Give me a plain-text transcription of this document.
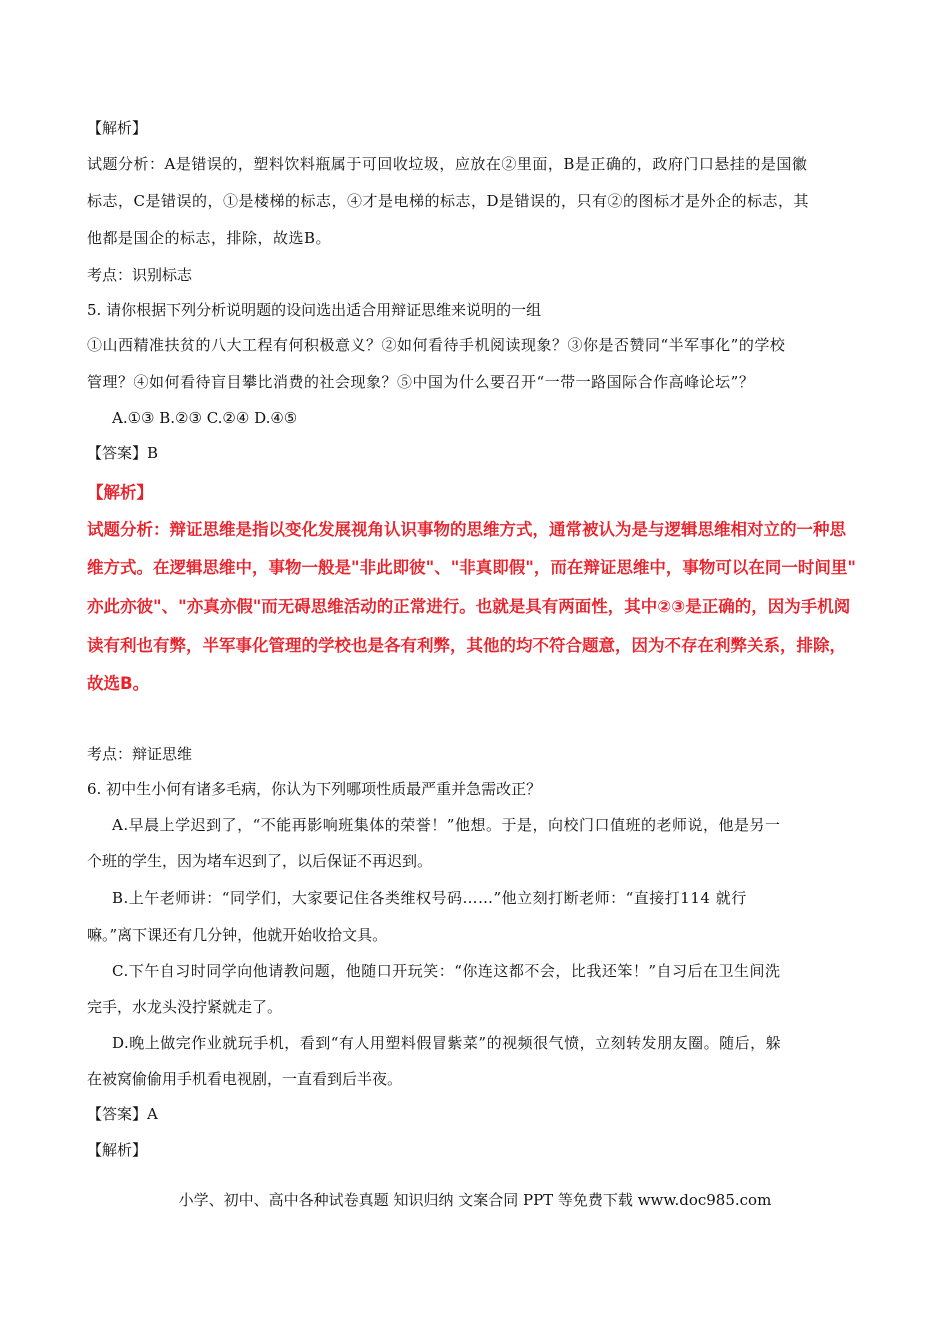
【解析】
试题分析：A是错误的，塑料饮料瓶属于可回收垃圾，应放在②里面，B是正确的，政府门口悬挂的是国徽
标志，C是错误的，①是楼梯的标志，④才是电梯的标志，D是错误的，只有②的图标才是外企的标志，其
他都是国企的标志，排除，故选B。
考点：识别标志
5. 请你根据下列分析说明题的设问选出适合用辩证思维来说明的一组
①山西精准扶贫的八大工程有何积极意义？②如何看待手机阅读现象？③你是否赞同“半军事化”的学校
管理？④如何看待盲目攀比消费的社会现象？⑤中国为什么要召开“一带一路国际合作高峰论坛”？
A.①③ B.②③ C.②④ D.④⑤
【答案】B
【解析】
试题分析：辩证思维是指以变化发展视角认识事物的思维方式，通常被认为是与逻辑思维相对立的一种思
维方式。在逻辑思维中，事物一般是"非此即彼"、"非真即假"，而在辩证思维中，事物可以在同一时间里"
亦此亦彼"、"亦真亦假"而无碍思维活动的正常进行。也就是具有两面性，其中②③是正确的，因为手机阅
读有利也有弊，半军事化管理的学校也是各有利弊，其他的均不符合题意，因为不存在利弊关系，排除，
故选B。
考点：辩证思维
6. 初中生小何有诸多毛病，你认为下列哪项性质最严重并急需改正？
A.早晨上学迟到了，“不能再影响班集体的荣誉！”他想。于是，向校门口值班的老师说，他是另一
个班的学生，因为堵车迟到了，以后保证不再迟到。
B.上午老师讲：“同学们，大家要记住各类维权号码……”他立刻打断老师：“直接打114 就行
嘛。”离下课还有几分钟，他就开始收拾文具。
C.下午自习时同学向他请教问题，他随口开玩笑：“你连这都不会，比我还笨！”自习后在卫生间洗
完手，水龙头没拧紧就走了。
D.晚上做完作业就玩手机，看到“有人用塑料假冒紫菜”的视频很气愤，立刻转发朋友圈。随后，躲
在被窝偷偷用手机看电视剧，一直看到后半夜。
【答案】A
【解析】
小学、初中、高中各种试卷真题 知识归纳 文案合同 PPT 等免费下载 www.doc985.com
